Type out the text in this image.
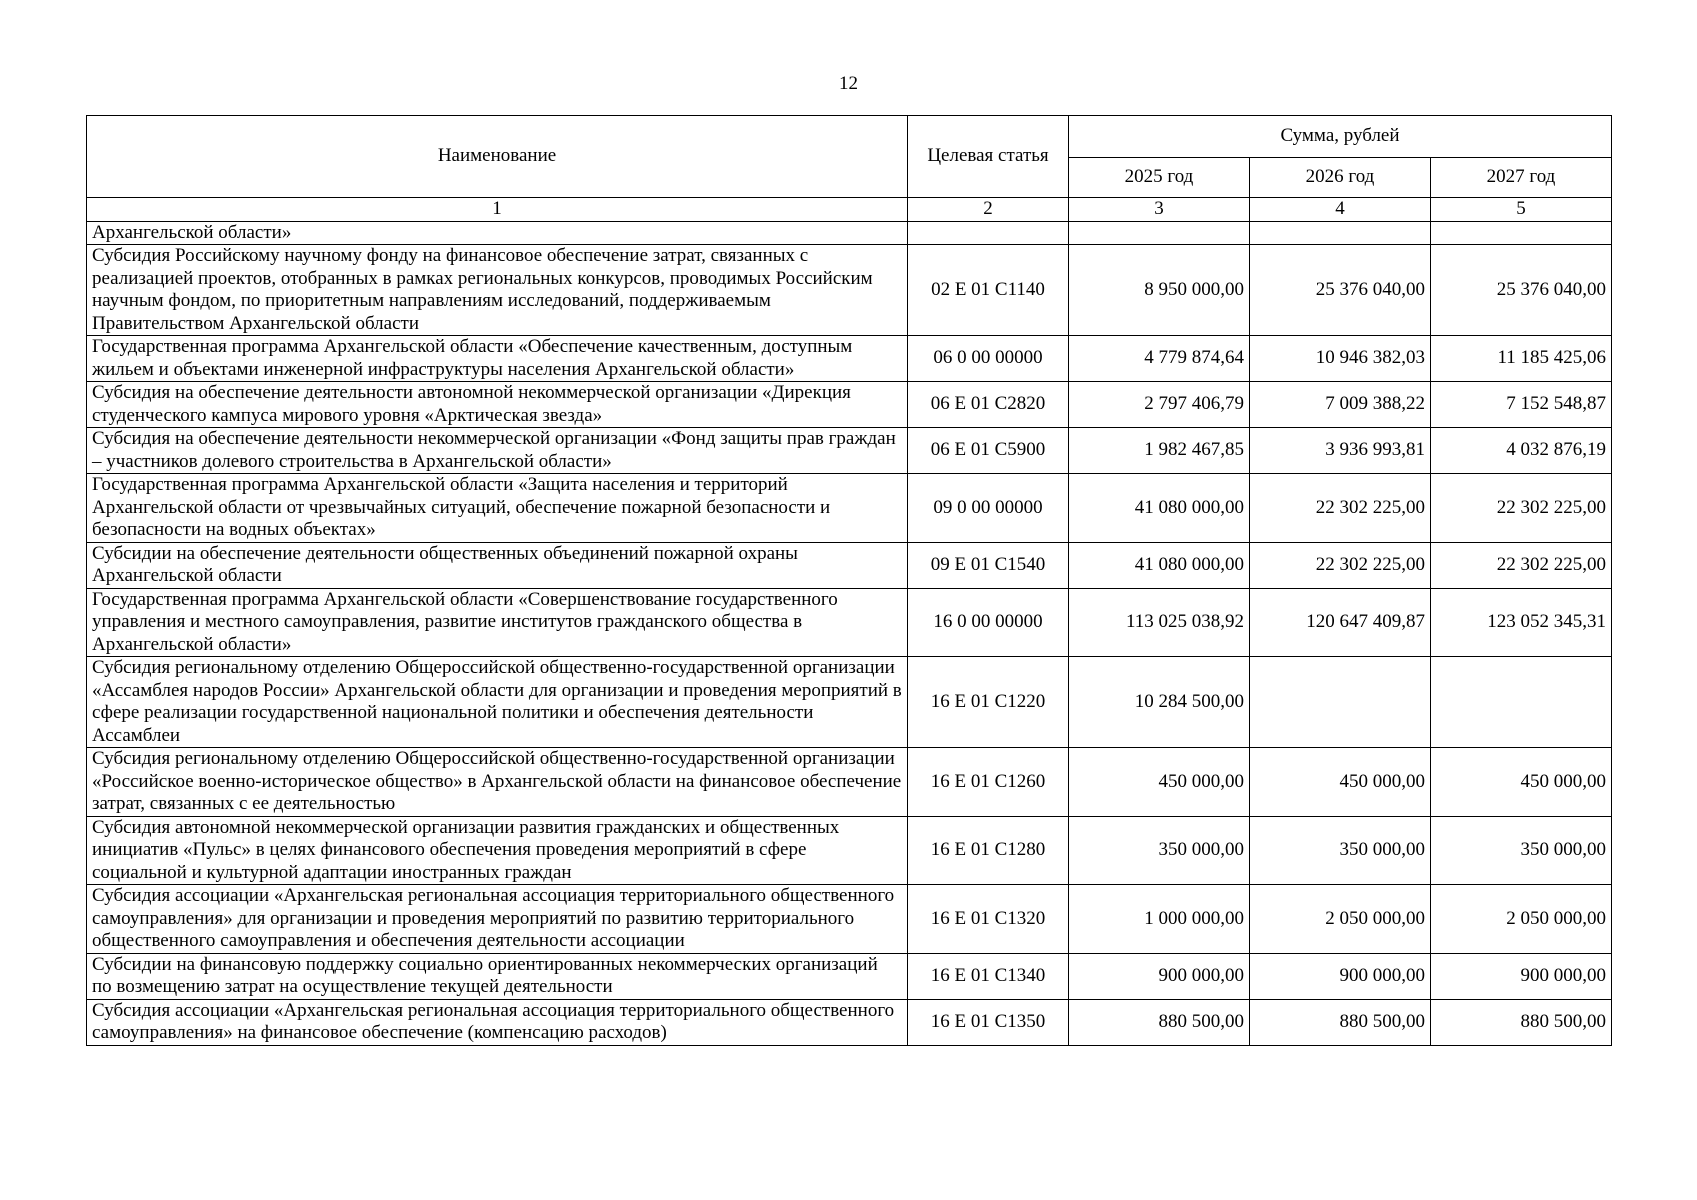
12
Наименование	Целевая статья	Сумма, рублей		
		2025 год	2026 год	2027 год
1	2	3	4	5
Архангельской области»				
Субсидия Российскому научному фонду на финансовое обеспечение затрат, связанных с реализацией проектов, отобранных в рамках региональных конкурсов, проводимых Российским научным фондом, по приоритетным направлениям исследований, поддерживаемым Правительством Архангельской области	02 Е 01 С1140	8 950 000,00	25 376 040,00	25 376 040,00
Государственная программа Архангельской области «Обеспечение качественным, доступным жильем и объектами инженерной инфраструктуры населения Архангельской области»	06 0 00 00000	4 779 874,64	10 946 382,03	11 185 425,06
Субсидия на обеспечение деятельности автономной некоммерческой организации «Дирекция студенческого кампуса мирового уровня «Арктическая звезда»	06 Е 01 С2820	2 797 406,79	7 009 388,22	7 152 548,87
Субсидия на обеспечение деятельности некоммерческой организации «Фонд защиты прав граждан – участников долевого строительства в Архангельской области»	06 Е 01 С5900	1 982 467,85	3 936 993,81	4 032 876,19
Государственная программа Архангельской области «Защита населения и территорий Архангельской области от чрезвычайных ситуаций, обеспечение пожарной безопасности и безопасности на водных объектах»	09 0 00 00000	41 080 000,00	22 302 225,00	22 302 225,00
Субсидии на обеспечение деятельности общественных объединений пожарной охраны Архангельской области	09 Е 01 С1540	41 080 000,00	22 302 225,00	22 302 225,00
Государственная программа Архангельской области «Совершенствование государственного управления и местного самоуправления, развитие институтов гражданского общества в Архангельской области»	16 0 00 00000	113 025 038,92	120 647 409,87	123 052 345,31
Субсидия региональному отделению Общероссийской общественно-государственной организации «Ассамблея народов России» Архангельской области для организации и проведения мероприятий в сфере реализации государственной национальной политики и обеспечения деятельности Ассамблеи	16 Е 01 С1220	10 284 500,00		
Субсидия региональному отделению Общероссийской общественно-государственной организации «Российское военно-историческое общество» в Архангельской области на финансовое обеспечение затрат, связанных с ее деятельностью	16 Е 01 С1260	450 000,00	450 000,00	450 000,00
Субсидия автономной некоммерческой организации развития гражданских и общественных инициатив «Пульс» в целях финансового обеспечения проведения мероприятий в сфере социальной и культурной адаптации иностранных граждан	16 Е 01 С1280	350 000,00	350 000,00	350 000,00
Субсидия ассоциации «Архангельская региональная ассоциация территориального общественного самоуправления» для организации и проведения мероприятий по развитию территориального общественного самоуправления и обеспечения деятельности ассоциации	16 Е 01 С1320	1 000 000,00	2 050 000,00	2 050 000,00
Субсидии на финансовую поддержку социально ориентированных некоммерческих организаций по возмещению затрат на осуществление текущей деятельности	16 Е 01 С1340	900 000,00	900 000,00	900 000,00
Субсидия ассоциации «Архангельская региональная ассоциация территориального общественного самоуправления» на финансовое обеспечение (компенсацию расходов)	16 Е 01 С1350	880 500,00	880 500,00	880 500,00
